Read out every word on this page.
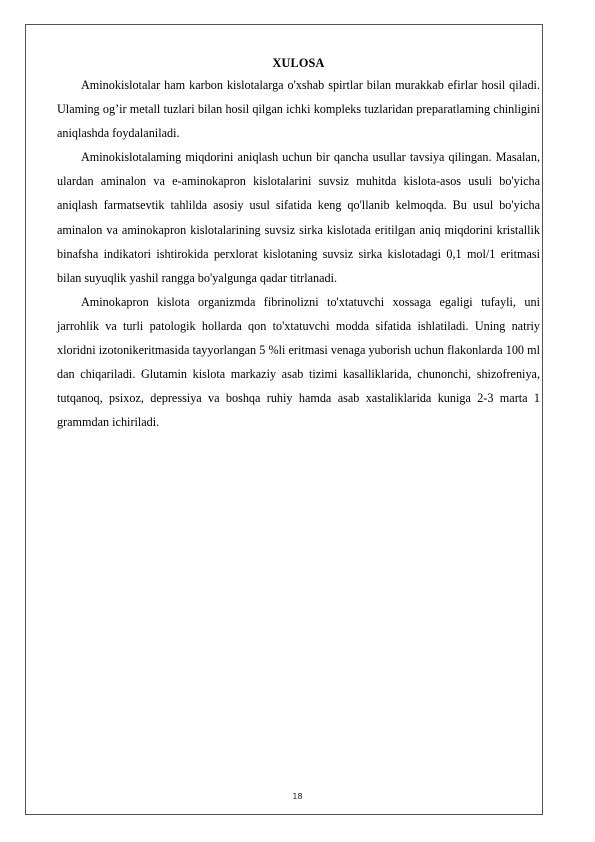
XULOSA

Aminokislotalar ham karbon kislotalarga o'xshab spirtlar bilan murakkab efirlar hosil qiladi. Ulaming og’ir metall tuzlari bilan hosil qilgan ichki kompleks tuzlaridan preparatlaming chinligini aniqlashda foydalaniladi.

Aminokislotalaming miqdorini aniqlash uchun bir qancha usullar tavsiya qilingan. Masalan, ulardan aminalon va e-aminokapron kislotalarini suvsiz muhitda kislota-asos usuli bo'yicha aniqlash farmatsevtik tahlilda asosiy usul sifatida keng qo'llanib kelmoqda. Bu usul bo'yicha aminalon va aminokapron kislotalarining suvsiz sirka kislotada eritilgan aniq miqdorini kristallik binafsha indikatori ishtirokida perxlorat kislotaning suvsiz sirka kislotadagi 0,1 mol/1 eritmasi bilan suyuqlik yashil rangga bo'yalgunga qadar titrlanadi.

Aminokapron kislota organizmda fibrinolizni to'xtatuvchi xossaga egaligi tufayli, uni jarrohlik va turli patologik hollarda qon to'xtatuvchi modda sifatida ishlatiladi. Uning natriy xloridni izotonikeritmasida tayyorlangan 5 %li eritmasi venaga yuborish uchun flakonlarda 100 ml dan chiqariladi. Glutamin kislota markaziy asab tizimi kasalliklarida, chunonchi, shizofreniya, tutqanoq, psixoz, depressiya va boshqa ruhiy hamda asab xastaliklarida kuniga 2-3 marta 1 grammdan ichiriladi.

18
